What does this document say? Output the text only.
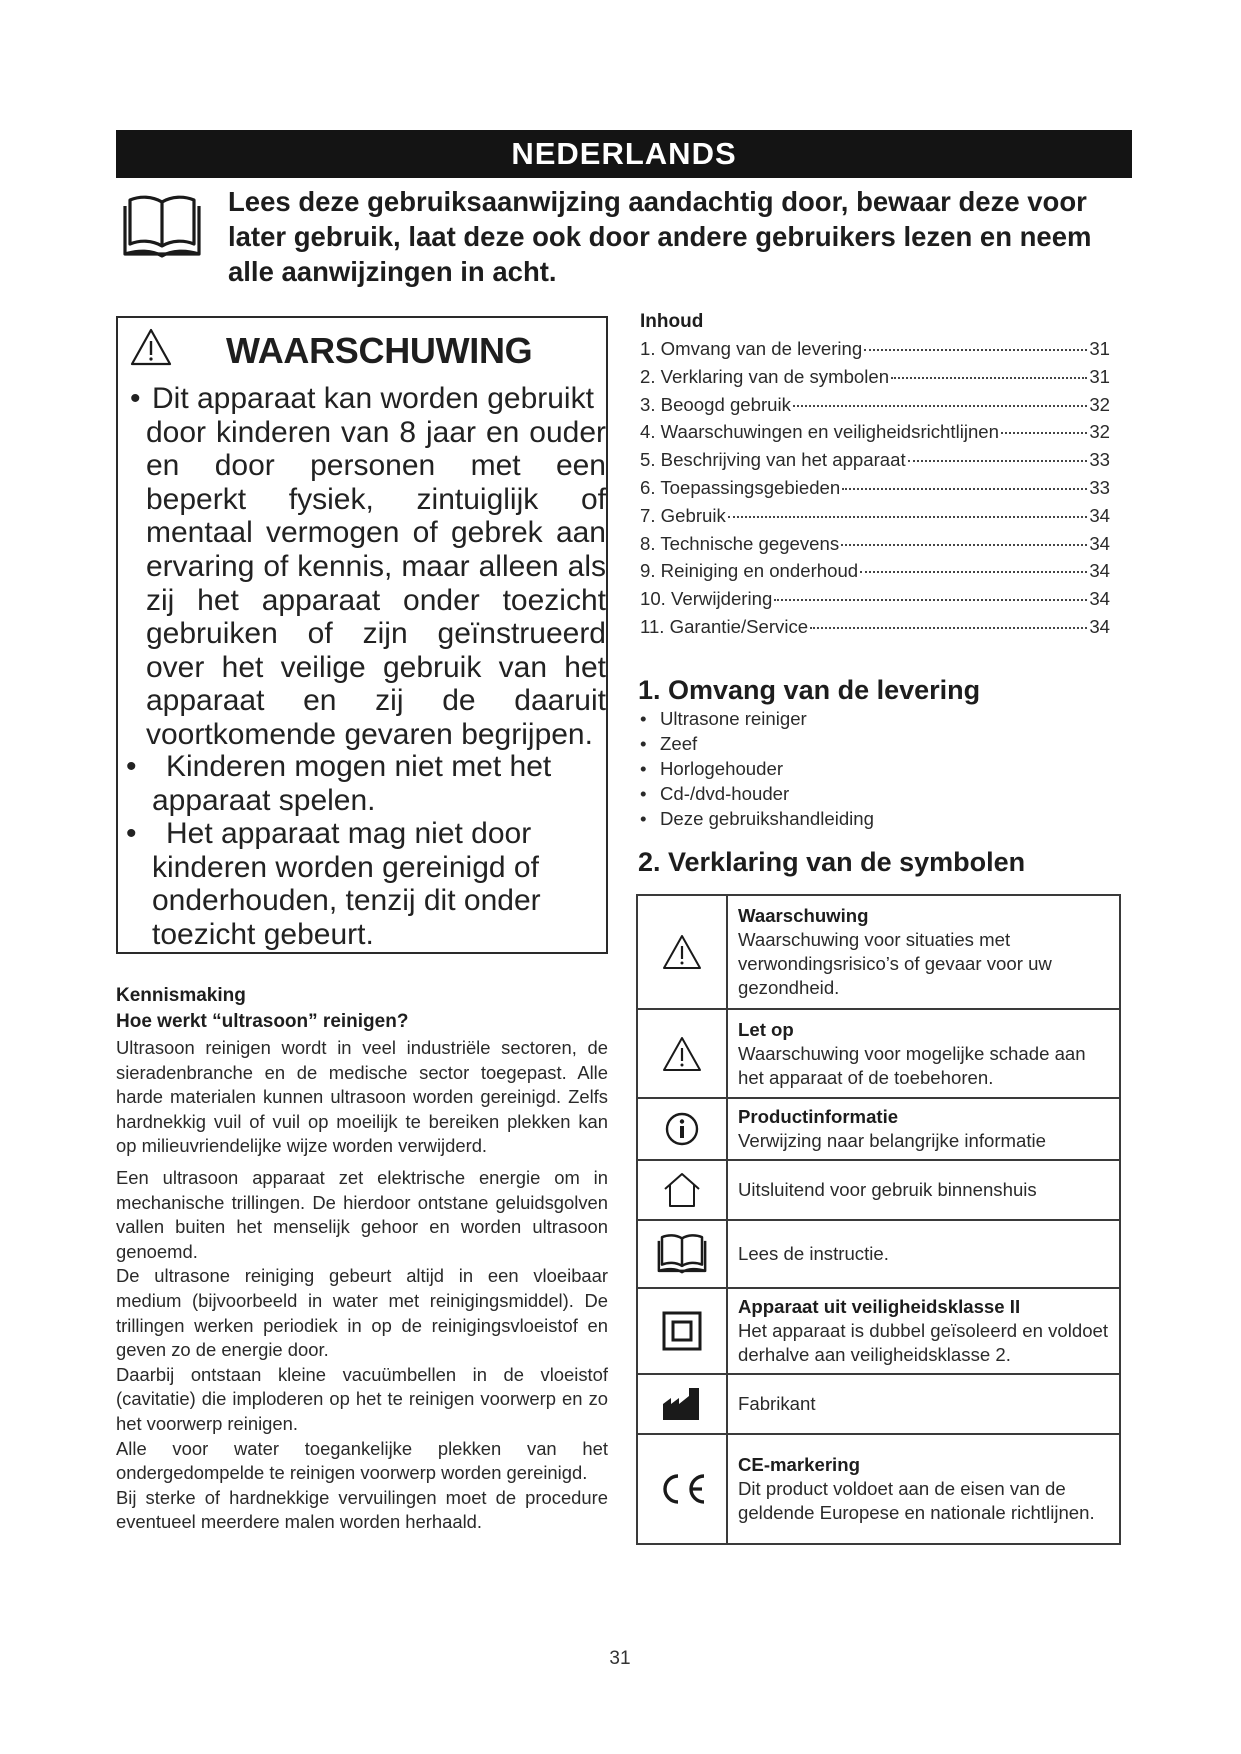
NEDERLANDS

Lees deze gebruiksaanwijzing aandachtig door, bewaar deze voor later gebruik, laat deze ook door andere gebruikers lezen en neem alle aanwijzingen in acht.

WAARSCHUWING

• Dit apparaat kan worden gebruikt
door kinderen van 8 jaar en ouder en door personen met een beperkt fysiek, zintuiglijk of mentaal vermogen of gebrek aan ervaring of kennis, maar alleen als zij het apparaat onder toezicht gebruiken of zijn geïnstrueerd over het veilige gebruik van het apparaat en zij de daaruit voortkomende gevaren begrijpen.

• Kinderen mogen niet met het
apparaat spelen.

• Het apparaat mag niet door
kinderen worden gereinigd of onderhouden, tenzij dit onder toezicht gebeurt.

Kennismaking
Hoe werkt “ultrasoon” reinigen?

Ultrasoon reinigen wordt in veel industriële sectoren, de sieradenbranche en de medische sector toegepast. Alle harde materialen kunnen ultrasoon worden gereinigd. Zelfs hardnekkig vuil of vuil op moeilijk te bereiken plekken kan op milieuvriendelijke wijze worden verwijderd.

Een ultrasoon apparaat zet elektrische energie om in mechanische trillingen. De hierdoor ontstane geluidsgolven vallen buiten het menselijk gehoor en worden ultrasoon genoemd.

De ultrasone reiniging gebeurt altijd in een vloeibaar medium (bijvoorbeeld in water met reinigingsmiddel). De trillingen werken periodiek in op de reinigingsvloeistof en geven zo de energie door.

Daarbij ontstaan kleine vacuümbellen in de vloeistof (cavitatie) die imploderen op het te reinigen voorwerp en zo het voorwerp reinigen.

Alle voor water toegankelijke plekken van het ondergedompelde te reinigen voorwerp worden gereinigd.

Bij sterke of hardnekkige vervuilingen moet de procedure eventueel meerdere malen worden herhaald.

Inhoud
1. Omvang van de levering	31
2. Verklaring van de symbolen	31
3. Beoogd gebruik	32
4. Waarschuwingen en veiligheidsrichtlijnen	32
5. Beschrijving van het apparaat	33
6. Toepassingsgebieden	33
7. Gebruik	34
8. Technische gegevens	34
9. Reiniging en onderhoud	34
10. Verwijdering	34
11. Garantie/Service	34
1. Omvang van de levering
• Ultrasone reiniger
• Zeef
• Horlogehouder
• Cd-/dvd-houder
• Deze gebruikshandleiding
2. Verklaring van de symbolen

Waarschuwing
Waarschuwing voor situaties met verwondingsrisico’s of gevaar voor uw gezondheid.

Let op
Waarschuwing voor mogelijke schade aan het apparaat of de toebehoren.

Productinformatie
Verwijzing naar belangrijke informatie

	Uitsluitend voor gebruik binnenshuis

	Lees de instructie.

Apparaat uit veiligheidsklasse II
Het apparaat is dubbel geïsoleerd en voldoet derhalve aan veiligheidsklasse 2.

	Fabrikant

CE-markering
Dit product voldoet aan de eisen van de geldende Europese en nationale richtlijnen.
31
